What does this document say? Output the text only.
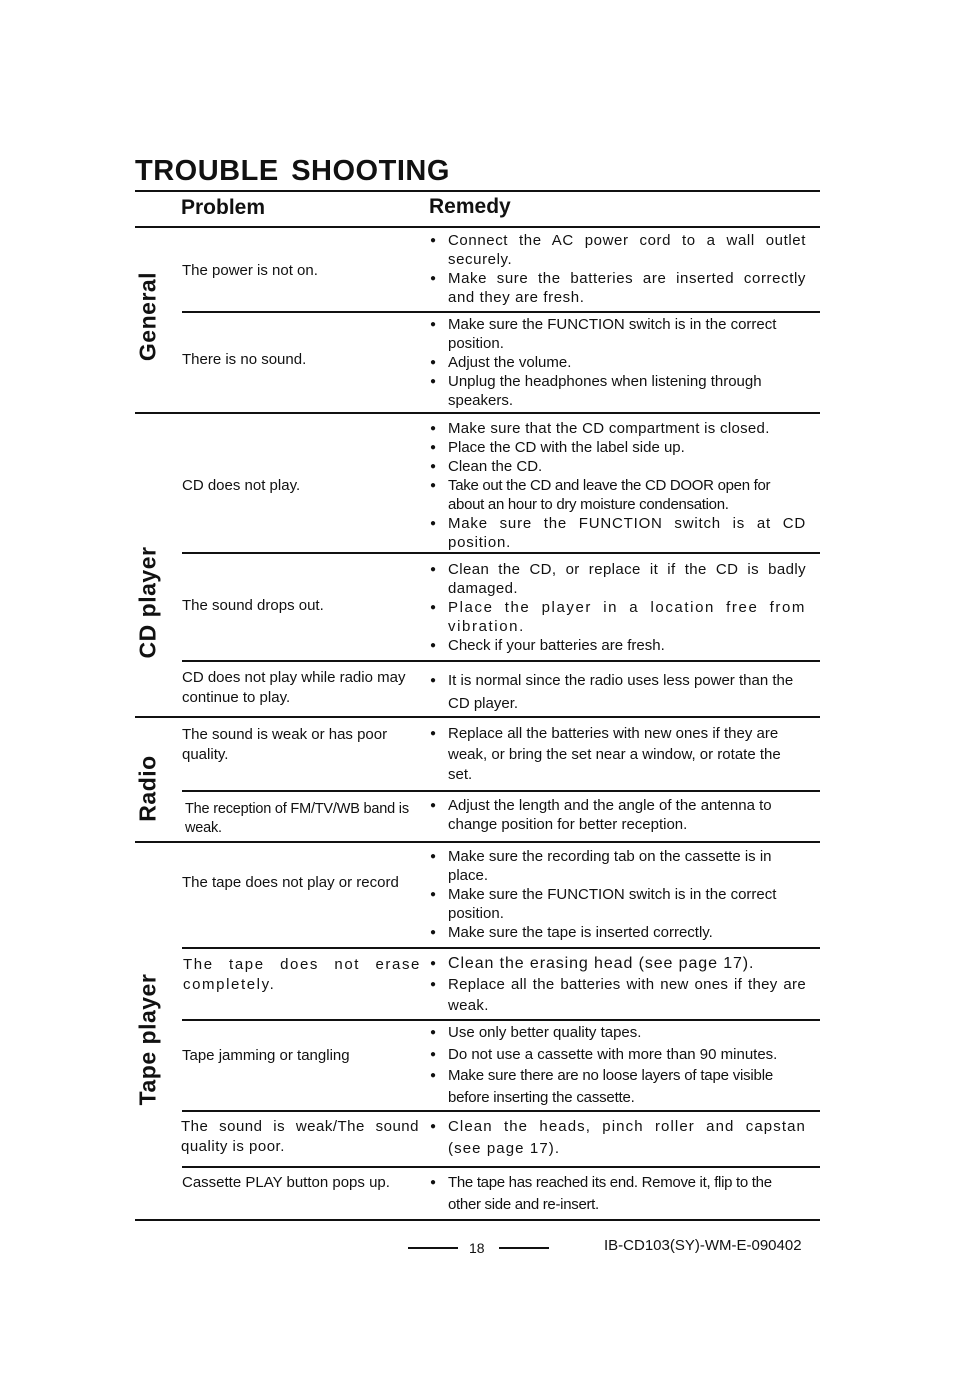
TROUBLE SHOOTING
Problem	Remedy
General
CD player
Radio
Tape player
The power is not on.
● Connect the AC power cord to a wall outlet securely.
● Make sure the batteries are inserted correctly and they are fresh.
There is no sound.
● Make sure the FUNCTION switch is in the correct position.
● Adjust the volume.
● Unplug the headphones when listening through speakers.
CD does not play.
● Make sure that the CD compartment is closed.
● Place the CD with the label side up.
● Clean the CD.
● Take out the CD and leave the CD DOOR open for about an hour to dry moisture condensation.
● Make sure the FUNCTION switch is at CD position.
The sound drops out.
● Clean the CD, or replace it if the CD is badly damaged.
● Place the player in a location free from vibration.
● Check if your batteries are fresh.
CD does not play while radio may continue to play.
● It is normal since the radio uses less power than the CD player.
The sound is weak or has poor quality.
● Replace all the batteries with new ones if they are weak, or bring the set near a window, or rotate the set.
The reception of FM/TV/WB band is weak.
● Adjust the length and the angle of the antenna to change position for better reception.
The tape does not play or record
● Make sure the recording tab on the cassette is in place.
● Make sure the FUNCTION switch is in the correct position.
● Make sure the tape is inserted correctly.
The tape does not erase completely.
● Clean the erasing head (see page 17).
● Replace all the batteries with new ones if they are weak.
Tape jamming or tangling
● Use only better quality tapes.
● Do not use a cassette with more than 90 minutes.
● Make sure there are no loose layers of tape visible before inserting the cassette.
The sound is weak/The sound quality is poor.
● Clean the heads, pinch roller and capstan (see page 17).
Cassette PLAY button pops up.
●	The tape has reached its end. Remove it, flip to the other side and re-insert.
18	IB-CD103(SY)-WM-E-090402
